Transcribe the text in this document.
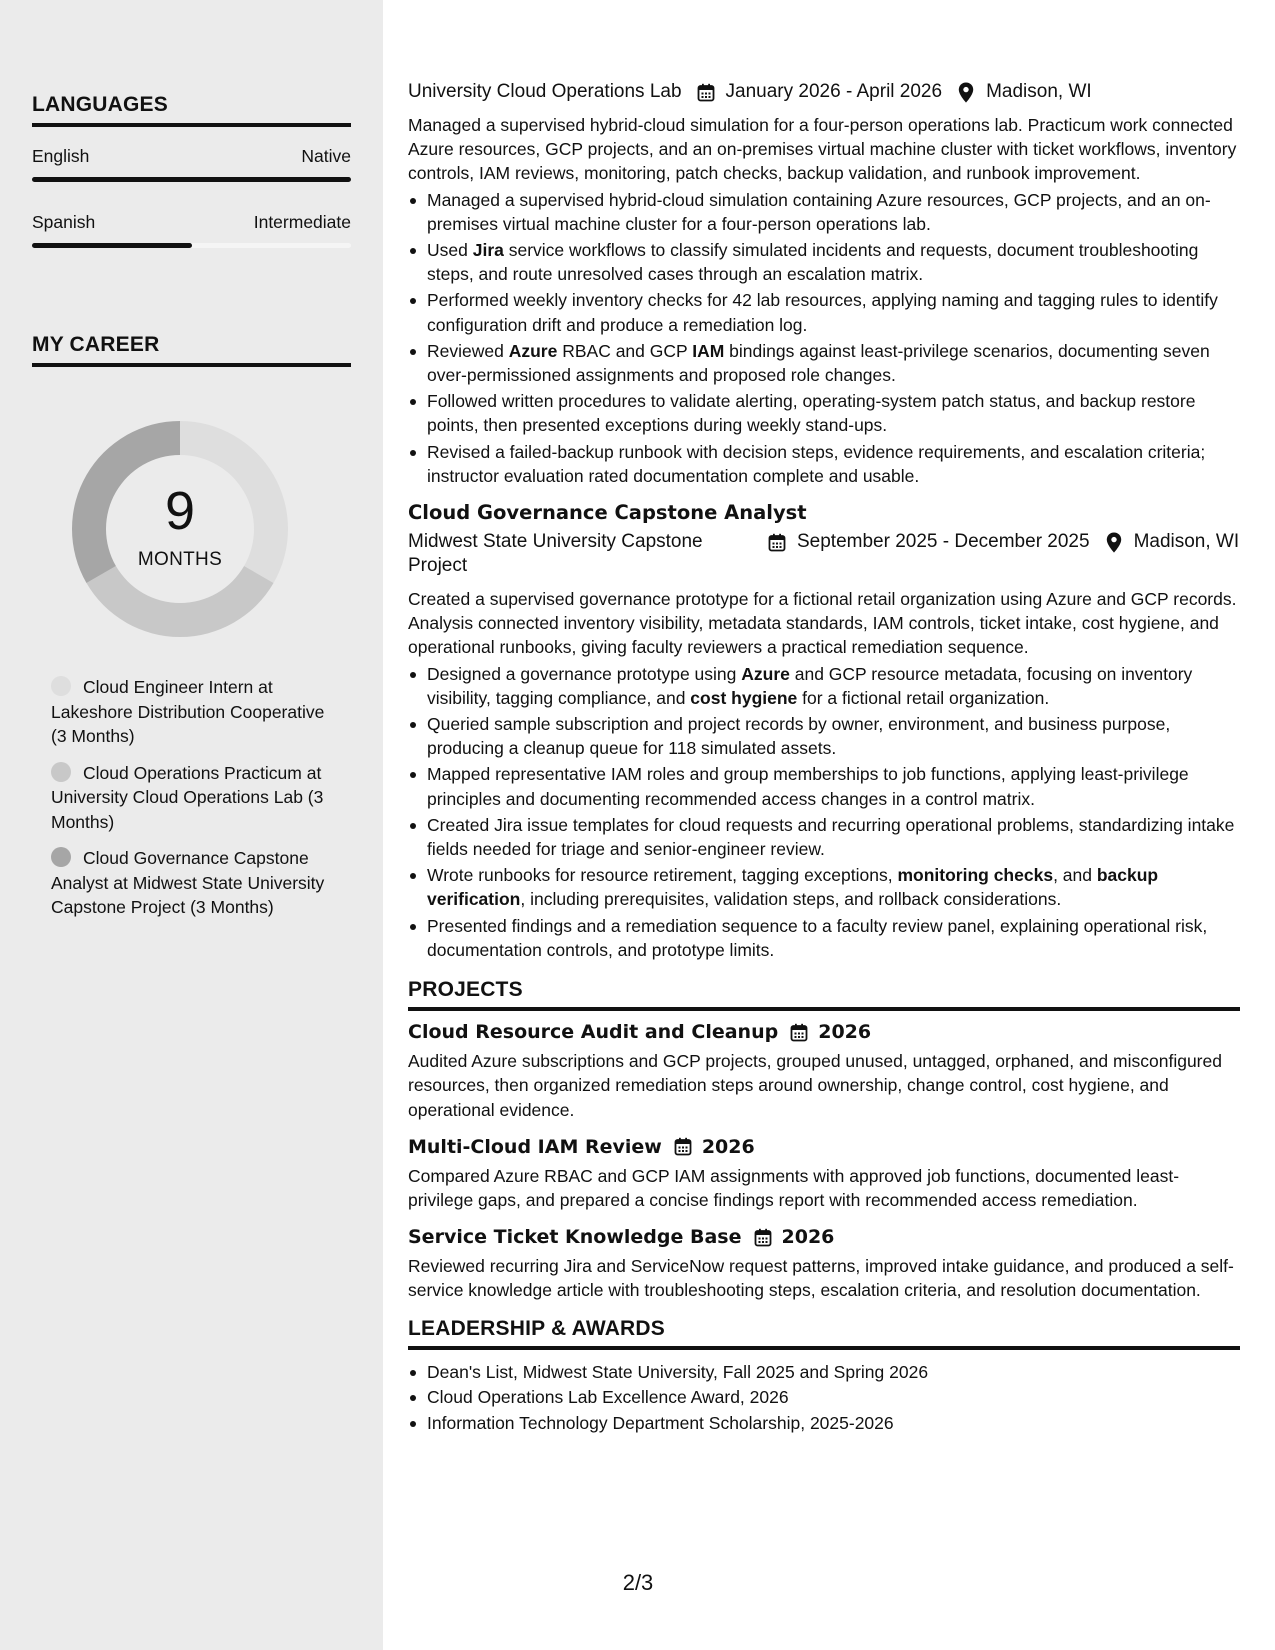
LANGUAGES
English	Native
Spanish	Intermediate
MY CAREER
9
MONTHS
Cloud Engineer Intern at Lakeshore Distribution Cooperative (3 Months)
Cloud Operations Practicum at University Cloud Operations Lab (3 Months)
Cloud Governance Capstone Analyst at Midwest State University Capstone Project (3 Months)
University Cloud Operations Lab January 2026 - April 2026 Madison, WI
Managed a supervised hybrid-cloud simulation for a four-person operations lab. Practicum work connected Azure resources, GCP projects, and an on-premises virtual machine cluster with ticket workflows, inventory controls, IAM reviews, monitoring, patch checks, backup validation, and runbook improvement.
Managed a supervised hybrid-cloud simulation containing Azure resources, GCP projects, and an on-premises virtual machine cluster for a four-person operations lab.
Used Jira service workflows to classify simulated incidents and requests, document troubleshooting steps, and route unresolved cases through an escalation matrix.
Performed weekly inventory checks for 42 lab resources, applying naming and tagging rules to identify configuration drift and produce a remediation log.
Reviewed Azure RBAC and GCP IAM bindings against least-privilege scenarios, documenting seven over-permissioned assignments and proposed role changes.
Followed written procedures to validate alerting, operating-system patch status, and backup restore points, then presented exceptions during weekly stand-ups.
Revised a failed-backup runbook with decision steps, evidence requirements, and escalation criteria; instructor evaluation rated documentation complete and usable.
Cloud Governance Capstone Analyst
Midwest State University Capstone Project
September 2025 - December 2025 Madison, WI
Created a supervised governance prototype for a fictional retail organization using Azure and GCP records. Analysis connected inventory visibility, metadata standards, IAM controls, ticket intake, cost hygiene, and operational runbooks, giving faculty reviewers a practical remediation sequence.
Designed a governance prototype using Azure and GCP resource metadata, focusing on inventory visibility, tagging compliance, and cost hygiene for a fictional retail organization.
Queried sample subscription and project records by owner, environment, and business purpose, producing a cleanup queue for 118 simulated assets.
Mapped representative IAM roles and group memberships to job functions, applying least-privilege principles and documenting recommended access changes in a control matrix.
Created Jira issue templates for cloud requests and recurring operational problems, standardizing intake fields needed for triage and senior-engineer review.
Wrote runbooks for resource retirement, tagging exceptions, monitoring checks, and backup verification, including prerequisites, validation steps, and rollback considerations.
Presented findings and a remediation sequence to a faculty review panel, explaining operational risk, documentation controls, and prototype limits.
PROJECTS
Cloud Resource Audit and Cleanup 2026
Audited Azure subscriptions and GCP projects, grouped unused, untagged, orphaned, and misconfigured resources, then organized remediation steps around ownership, change control, cost hygiene, and operational evidence.
Multi-Cloud IAM Review 2026
Compared Azure RBAC and GCP IAM assignments with approved job functions, documented least-privilege gaps, and prepared a concise findings report with recommended access remediation.
Service Ticket Knowledge Base 2026
Reviewed recurring Jira and ServiceNow request patterns, improved intake guidance, and produced a self-service knowledge article with troubleshooting steps, escalation criteria, and resolution documentation.
LEADERSHIP & AWARDS
Dean's List, Midwest State University, Fall 2025 and Spring 2026
Cloud Operations Lab Excellence Award, 2026
Information Technology Department Scholarship, 2025-2026
2/3
